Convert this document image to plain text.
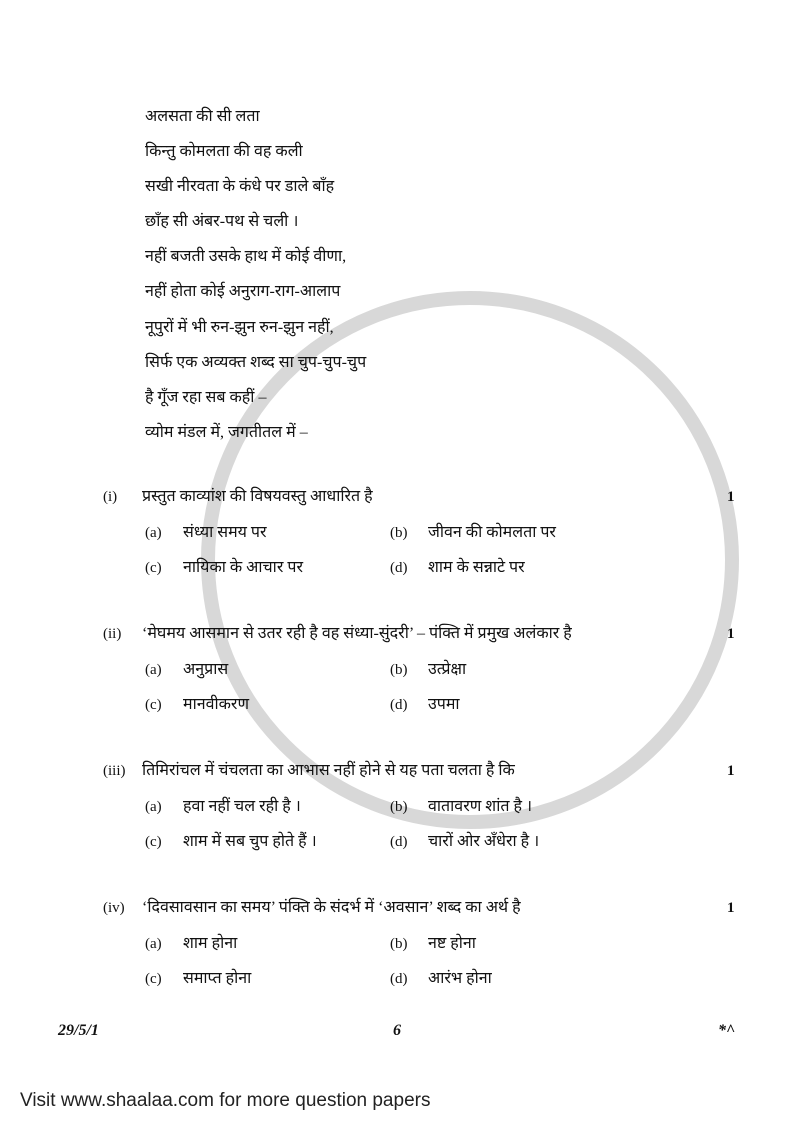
अलसता की सी लता
किन्तु कोमलता की वह कली
सखी नीरवता के कंधे पर डाले बाँह
छाँह सी अंबर-पथ से चली ।
नहीं बजती उसके हाथ में कोई वीणा,
नहीं होता कोई अनुराग-राग-आलाप
नूपुरों में भी रुन-झुन रुन-झुन नहीं,
सिर्फ एक अव्यक्त शब्द सा चुप-चुप-चुप
है गूँज रहा सब कहीं –
व्योम मंडल में, जगतीतल में –
(i)	प्रस्तुत काव्यांश की विषयवस्तु आधारित है	1
(a)	संध्या समय पर	(b)	जीवन की कोमलता पर
(c)	नायिका के आचार पर	(d)	शाम के सन्नाटे पर
(ii)	‘मेघमय आसमान से उतर रही है वह संध्या-सुंदरी’ – पंक्ति में प्रमुख अलंकार है	1
(a)	अनुप्रास	(b)	उत्प्रेक्षा
(c)	मानवीकरण	(d)	उपमा
(iii)	तिमिरांचल में चंचलता का आभास नहीं होने से यह पता चलता है कि	1
(a)	हवा नहीं चल रही है ।	(b)	वातावरण शांत है ।
(c)	शाम में सब चुप होते हैं ।	(d)	चारों ओर अँधेरा है ।
(iv)	‘दिवसावसान का समय’ पंक्ति के संदर्भ में ‘अवसान’ शब्द का अर्थ है	1
(a)	शाम होना	(b)	नष्ट होना
(c)	समाप्त होना	(d)	आरंभ होना
29/5/1	6	*^
Visit www.shaalaa.com for more question papers
